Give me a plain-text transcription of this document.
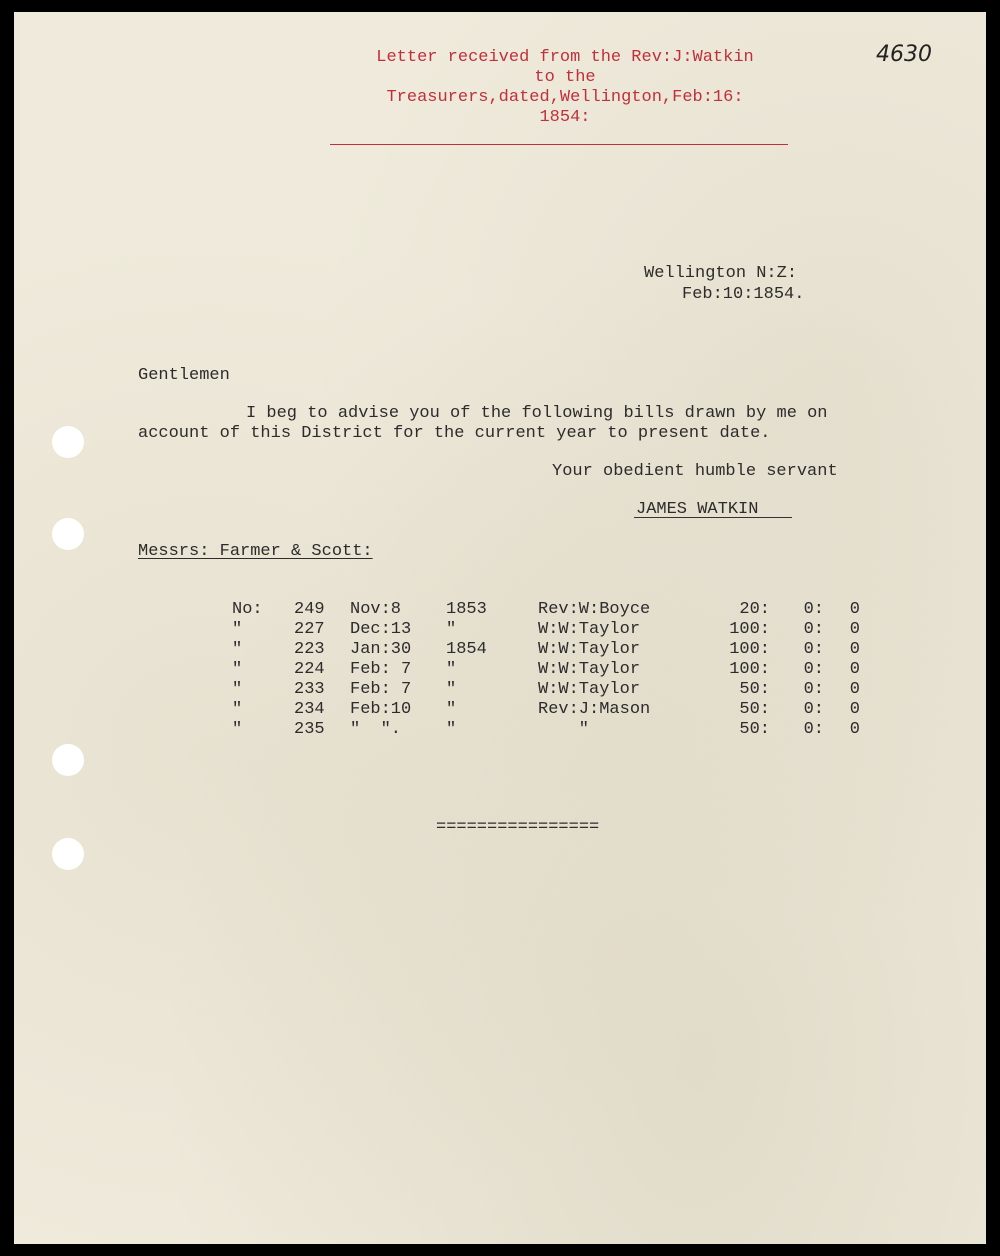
4630
Letter received from the Rev:J:Watkin
to the
Treasurers,dated,Wellington,Feb:16:
1854:
Wellington N:Z:
Feb:10:1854.
Gentlemen
I beg to advise you of the following bills drawn by me on
account of this District for the current year to present date.
Your obedient humble servant
JAMES WATKIN
Messrs: Farmer & Scott:
No:	249	Nov:8	1853	Rev:W:Boyce	20:	0:	0
"	227	Dec:13	"	W:W:Taylor	100:	0:	0
"	223	Jan:30	1854	W:W:Taylor	100:	0:	0
"	224	Feb: 7	"	W:W:Taylor	100:	0:	0
"	233	Feb: 7	"	W:W:Taylor	50:	0:	0
"	234	Feb:10	"	Rev:J:Mason	50:	0:	0
"	235	"  ".	"	"	50:	0:	0
================
